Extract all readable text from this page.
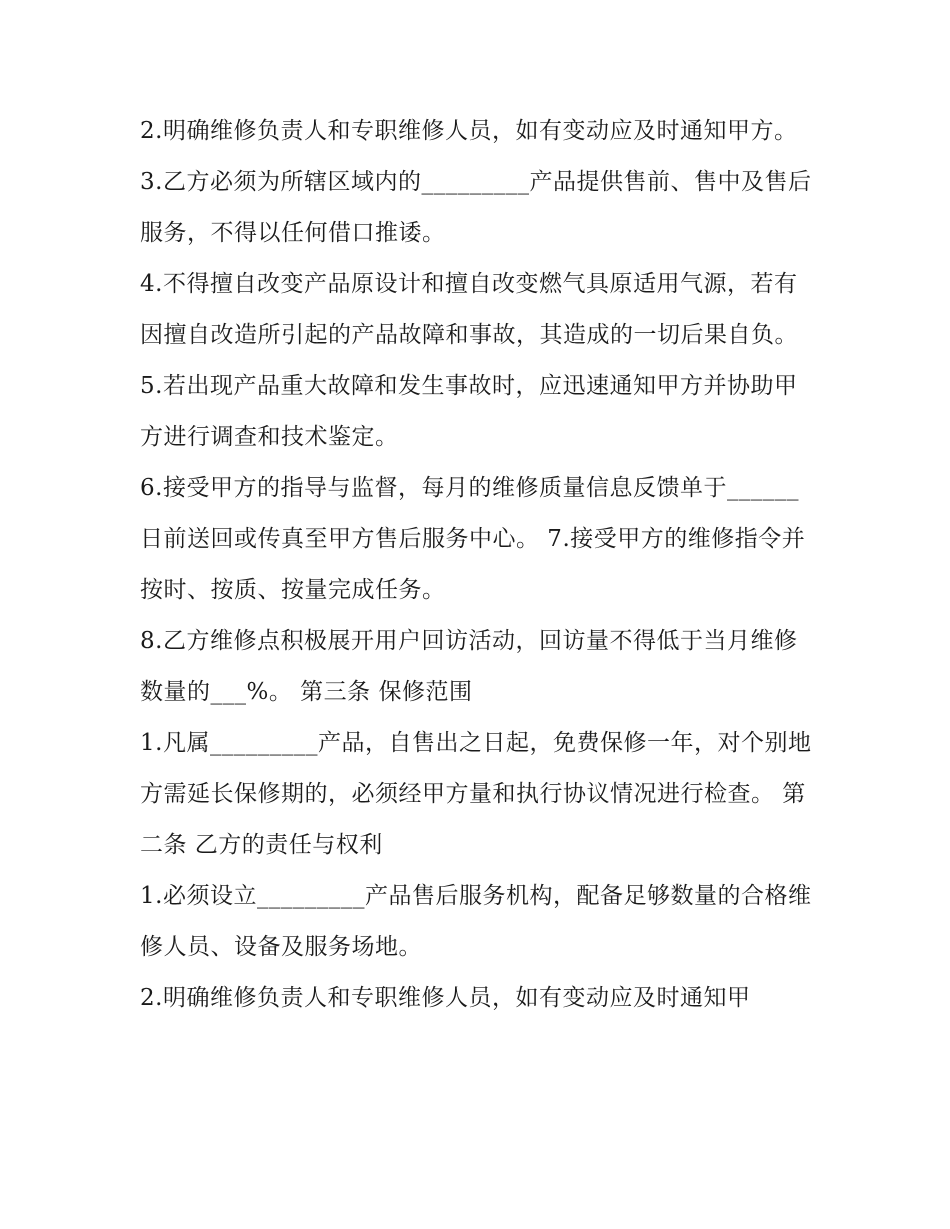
2.明确维修负责人和专职维修人员，如有变动应及时通知甲方。

3.乙方必须为所辖区域内的_________产品提供售前、售中及售后服务，不得以任何借口推诿。

4.不得擅自改变产品原设计和擅自改变燃气具原适用气源，若有因擅自改造所引起的产品故障和事故，其造成的一切后果自负。

5.若出现产品重大故障和发生事故时，应迅速通知甲方并协助甲方进行调查和技术鉴定。

6.接受甲方的指导与监督，每月的维修质量信息反馈单于______日前送回或传真至甲方售后服务中心。 7.接受甲方的维修指令并按时、按质、按量完成任务。

8.乙方维修点积极展开用户回访活动，回访量不得低于当月维修数量的___%。 第三条 保修范围

1.凡属_________产品，自售出之日起，免费保修一年，对个别地方需延长保修期的，必须经甲方量和执行协议情况进行检查。 第二条 乙方的责任与权利

1.必须设立_________产品售后服务机构，配备足够数量的合格维修人员、设备及服务场地。

2.明确维修负责人和专职维修人员，如有变动应及时通知甲
